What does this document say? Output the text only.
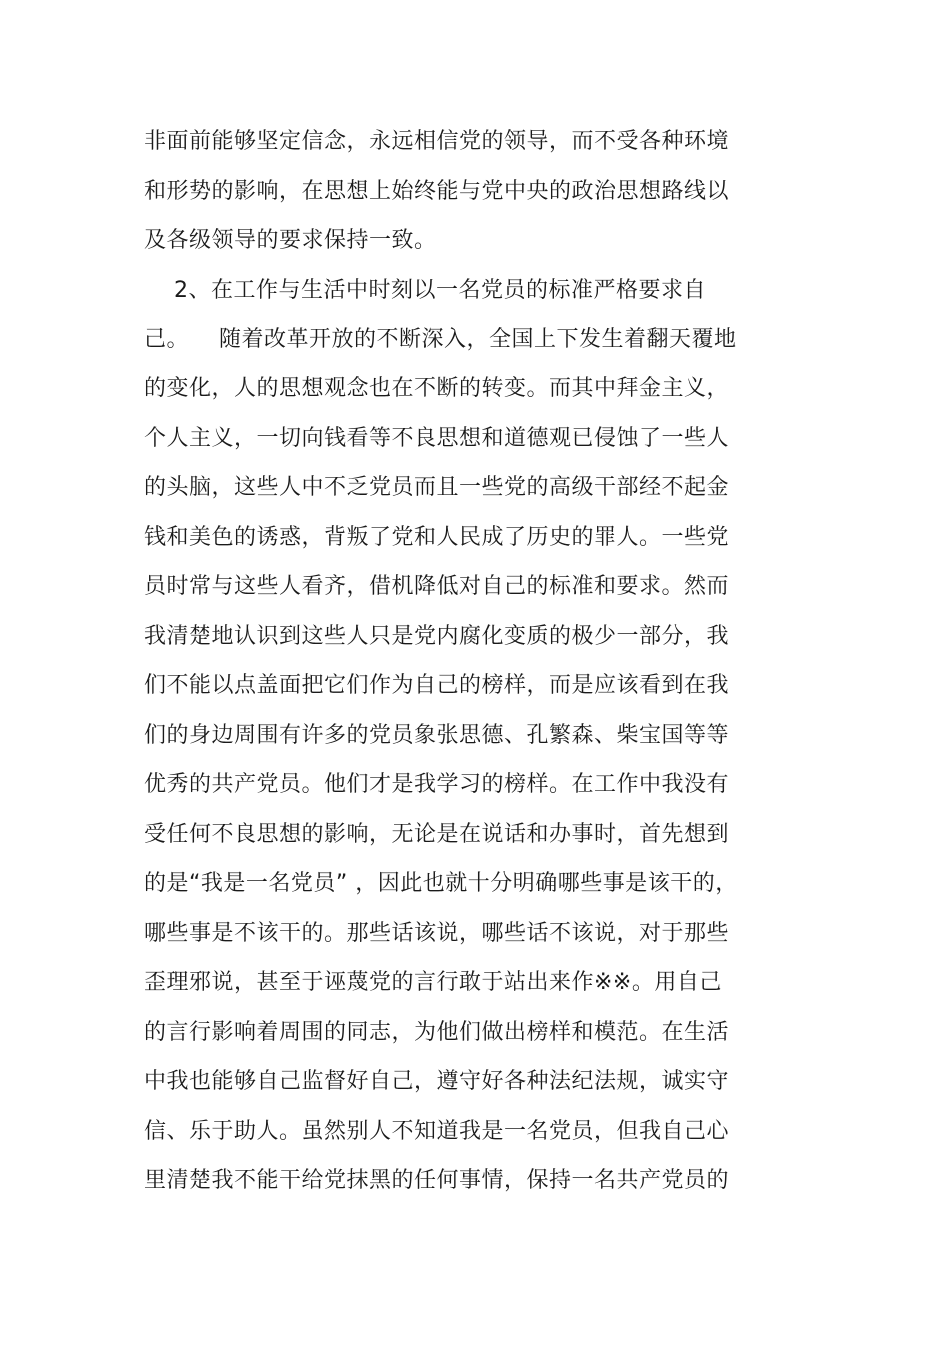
非面前能够坚定信念，永远相信党的领导，而不受各种环境
和形势的影响，在思想上始终能与党中央的政治思想路线以
及各级领导的要求保持一致。
2、在工作与生活中时刻以一名党员的标准严格要求自
己。    随着改革开放的不断深入，全国上下发生着翻天覆地
的变化，人的思想观念也在不断的转变。而其中拜金主义，
个人主义，一切向钱看等不良思想和道德观已侵蚀了一些人
的头脑，这些人中不乏党员而且一些党的高级干部经不起金
钱和美色的诱惑，背叛了党和人民成了历史的罪人。一些党
员时常与这些人看齐，借机降低对自己的标准和要求。然而
我清楚地认识到这些人只是党内腐化变质的极少一部分，我
们不能以点盖面把它们作为自己的榜样，而是应该看到在我
们的身边周围有许多的党员象张思德、孔繁森、柴宝国等等
优秀的共产党员。他们才是我学习的榜样。在工作中我没有
受任何不良思想的影响，无论是在说话和办事时，首先想到
的是“我是一名党员” ，因此也就十分明确哪些事是该干的，
哪些事是不该干的。那些话该说，哪些话不该说，对于那些
歪理邪说，甚至于诬蔑党的言行敢于站出来作※※。用自己
的言行影响着周围的同志，为他们做出榜样和模范。在生活
中我也能够自己监督好自己，遵守好各种法纪法规，诚实守
信、乐于助人。虽然别人不知道我是一名党员，但我自己心
里清楚我不能干给党抹黑的任何事情，保持一名共产党员的
